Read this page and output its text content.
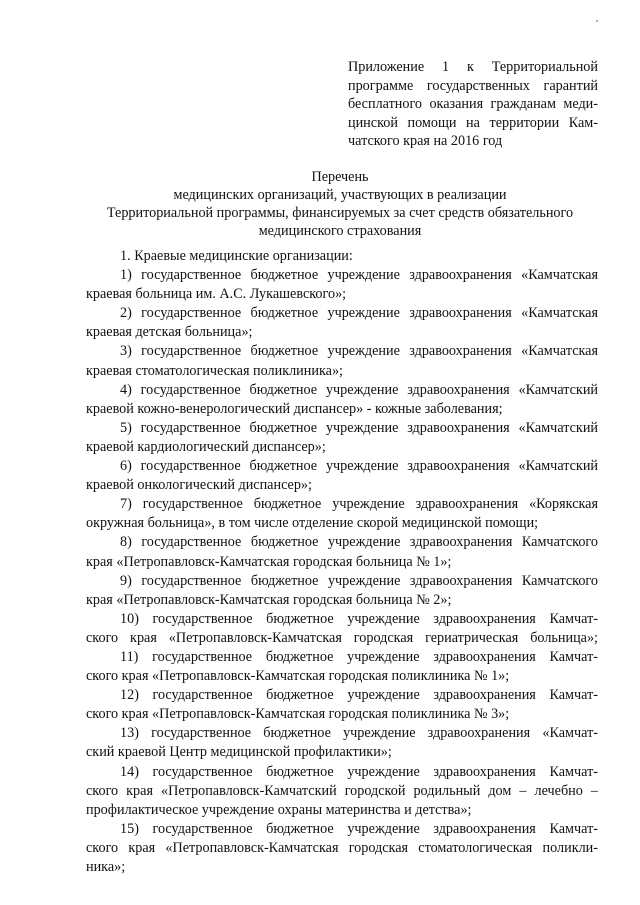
Приложение 1 к Территориальной
программе государственных гарантий
бесплатного оказания гражданам меди-
цинской помощи на территории Кам-
чатского края на 2016 год
Перечень
медицинских организаций, участвующих в реализации
Территориальной программы, финансируемых за счет средств обязательного
медицинского страхования
1. Краевые медицинские организации:
1) государственное бюджетное учреждение здравоохранения «Камчатская
краевая больница им. А.С. Лукашевского»;
2) государственное бюджетное учреждение здравоохранения «Камчатская
краевая детская больница»;
3) государственное бюджетное учреждение здравоохранения «Камчатская
краевая стоматологическая поликлиника»;
4) государственное бюджетное учреждение здравоохранения «Камчатский
краевой кожно-венерологический диспансер» - кожные заболевания;
5) государственное бюджетное учреждение здравоохранения «Камчатский
краевой кардиологический диспансер»;
6) государственное бюджетное учреждение здравоохранения «Камчатский
краевой онкологический диспансер»;
7) государственное бюджетное учреждение здравоохранения «Корякская
окружная больница», в том числе отделение скорой медицинской помощи;
8) государственное бюджетное учреждение здравоохранения Камчатского
края «Петропавловск-Камчатская городская больница № 1»;
9) государственное бюджетное учреждение здравоохранения Камчатского
края «Петропавловск-Камчатская городская больница № 2»;
10) государственное бюджетное учреждение здравоохранения Камчат-
ского края «Петропавловск-Камчатская городская гериатрическая больница»;
11) государственное бюджетное учреждение здравоохранения Камчат-
ского края «Петропавловск-Камчатская городская поликлиника № 1»;
12) государственное бюджетное учреждение здравоохранения Камчат-
ского края «Петропавловск-Камчатская городская поликлиника № 3»;
13) государственное бюджетное учреждение здравоохранения «Камчат-
ский краевой Центр медицинской профилактики»;
14) государственное бюджетное учреждение здравоохранения Камчат-
ского края «Петропавловск-Камчатский городской родильный дом – лечебно –
профилактическое учреждение охраны материнства и детства»;
15) государственное бюджетное учреждение здравоохранения Камчат-
ского края «Петропавловск-Камчатская городская стоматологическая поликли-
ника»;
